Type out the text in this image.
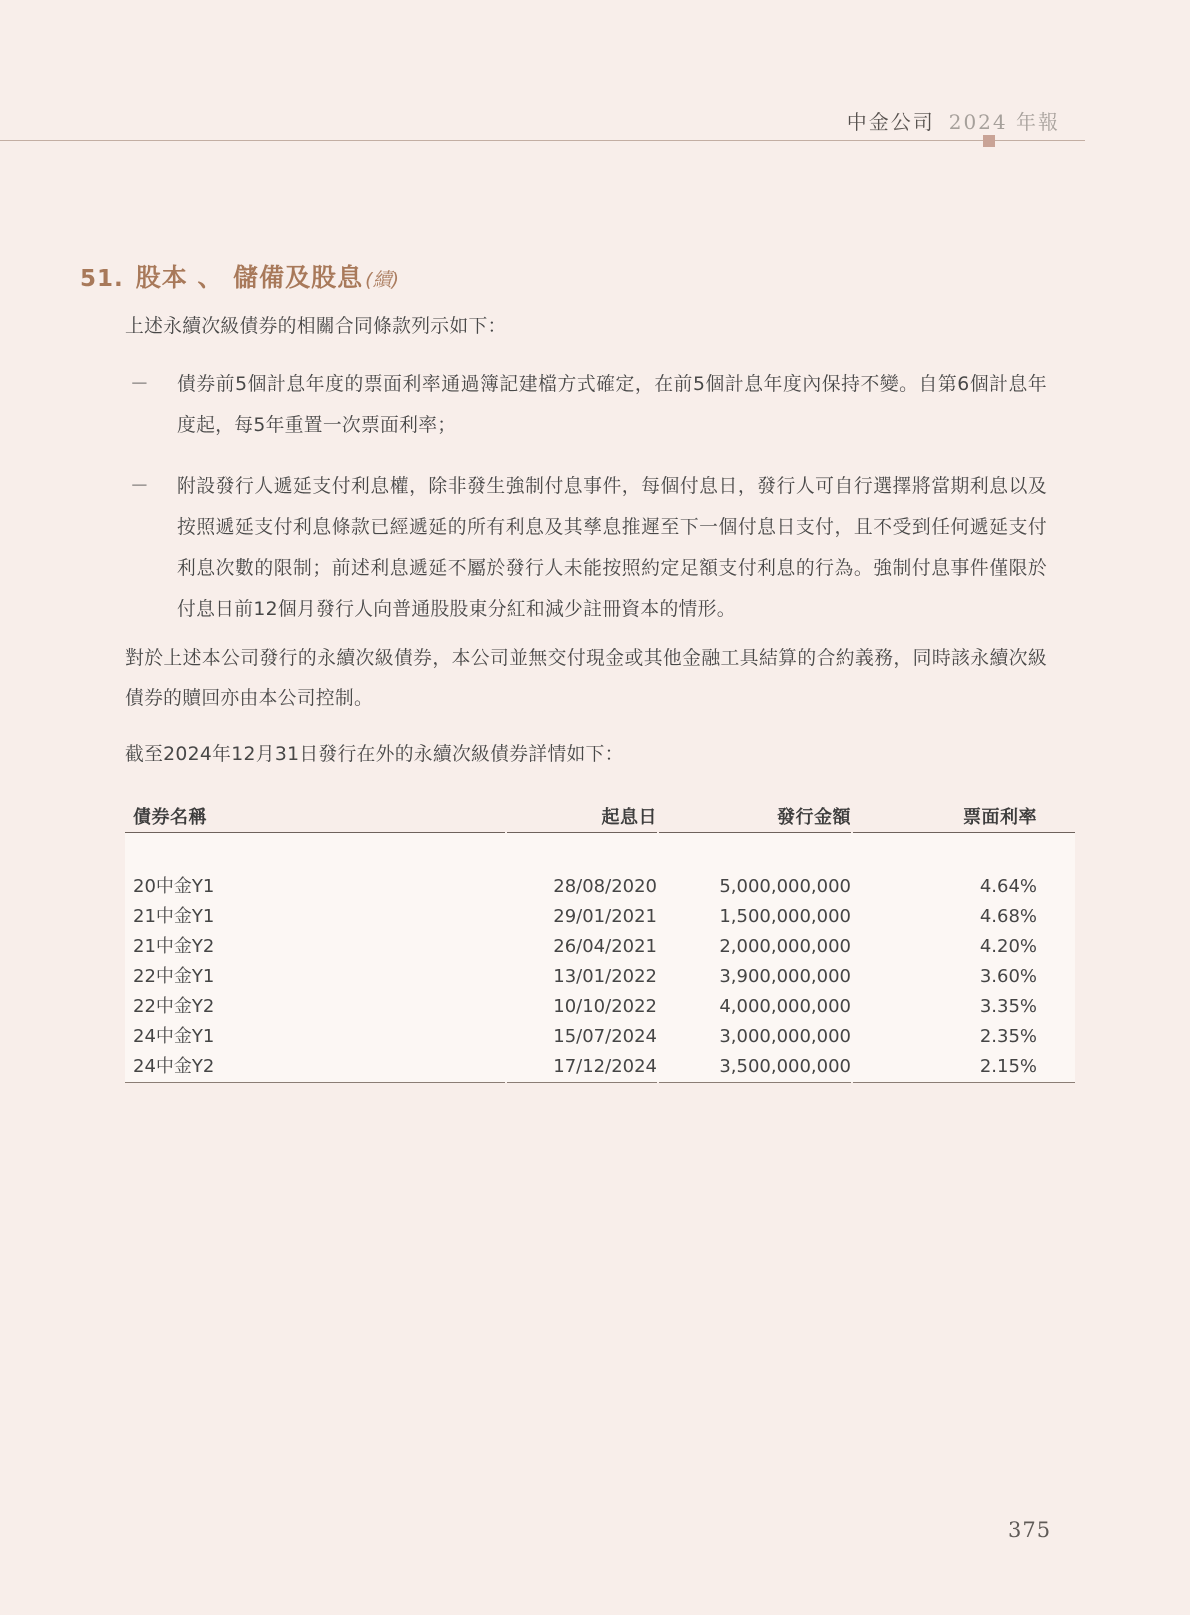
中金公司 2024 年報
51. 股本 、 儲備及股息 (續)
上述永續次級債券的相關合同條款列示如下：
－	債券前5個計息年度的票面利率通過簿記建檔方式確定，在前5個計息年度內保持不變。自第6個計息年度起，每5年重置一次票面利率；
－	附設發行人遞延支付利息權，除非發生強制付息事件，每個付息日，發行人可自行選擇將當期利息以及按照遞延支付利息條款已經遞延的所有利息及其孳息推遲至下一個付息日支付，且不受到任何遞延支付利息次數的限制；前述利息遞延不屬於發行人未能按照約定足額支付利息的行為。強制付息事件僅限於付息日前12個月發行人向普通股股東分紅和減少註冊資本的情形。
對於上述本公司發行的永續次級債券，本公司並無交付現金或其他金融工具結算的合約義務，同時該永續次級債券的贖回亦由本公司控制。
截至2024年12月31日發行在外的永續次級債券詳情如下：
債券名稱	起息日	發行金額	票面利率
20中金Y1	28/08/2020	5,000,000,000	4.64%
21中金Y1	29/01/2021	1,500,000,000	4.68%
21中金Y2	26/04/2021	2,000,000,000	4.20%
22中金Y1	13/01/2022	3,900,000,000	3.60%
22中金Y2	10/10/2022	4,000,000,000	3.35%
24中金Y1	15/07/2024	3,000,000,000	2.35%
24中金Y2	17/12/2024	3,500,000,000	2.15%
375
